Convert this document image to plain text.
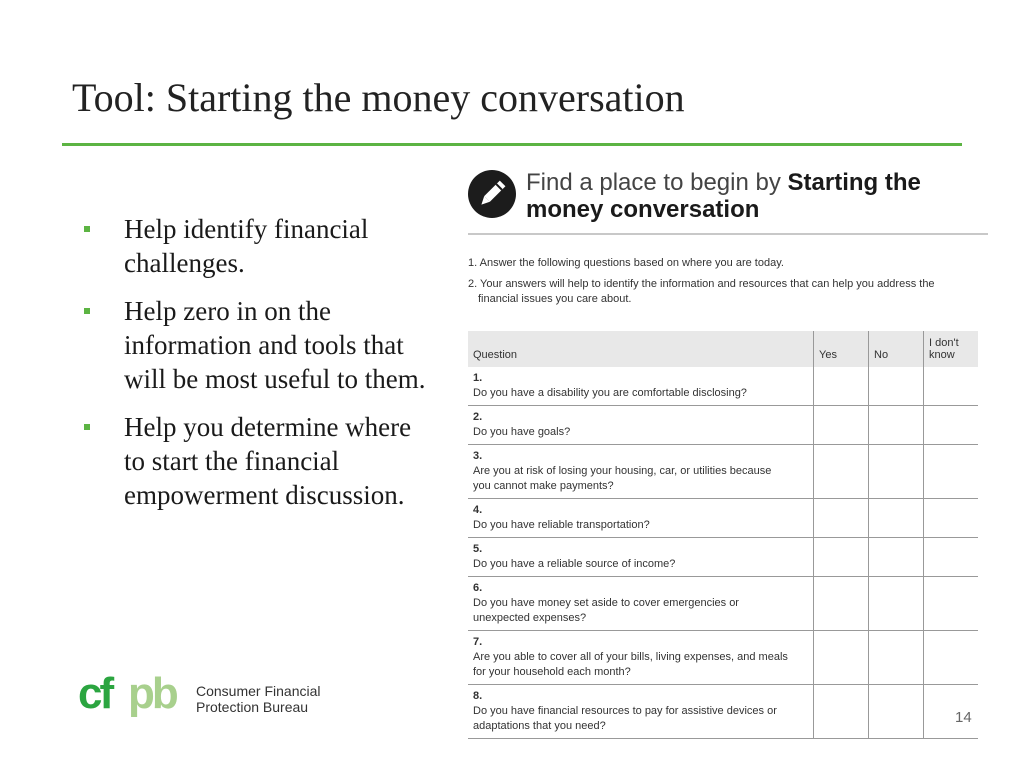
Tool: Starting the money conversation
Help identify financial challenges.
Help zero in on the information and tools that will be most useful to them.
Help you determine where to start the financial empowerment discussion.
Find a place to begin by Starting the money conversation
1. Answer the following questions based on where you are today.
2. Your answers will help to identify the information and resources that can help you address the financial issues you care about.
Question	Yes	No	I don't know
1.Do you have a disability you are comfortable disclosing?			
2.Do you have goals?			
3.Are you at risk of losing your housing, car, or utilities because you cannot make payments?			
4.Do you have reliable transportation?			
5.Do you have a reliable source of income?			
6.Do you have money set aside to cover emergencies or unexpected expenses?			
7.Are you able to cover all of your bills, living expenses, and meals for your household each month?			
8.Do you have financial resources to pay for assistive devices or adaptations that you need?			
cf pb Consumer Financial
Protection Bureau
14
